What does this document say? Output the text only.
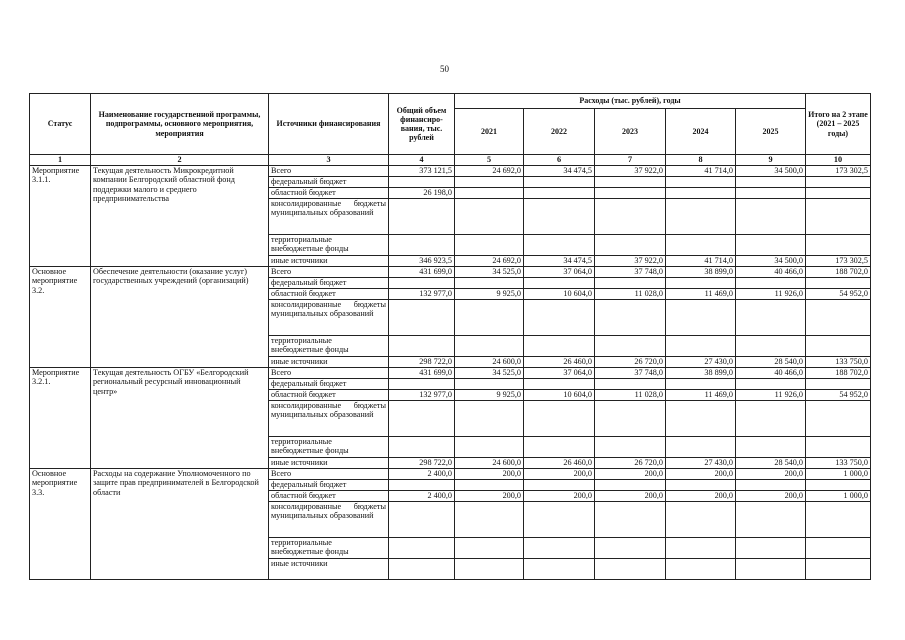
50
Статус	Наименование государственной программы, подпрограммы, основного мероприятия, мероприятия	Источники финансирования	Общий объем финансиро-вания, тыс. рублей	Расходы (тыс. рублей), годы					Итого на 2 этапе (2021 – 2025 годы)
				2021	2022	2023	2024	2025	
1	2	3	4	5	6	7	8	9	10
Мероприятие 3.1.1.	Текущая деятельность Микрокредитной компании Белгородский областной фонд поддержки малого и среднего предпринимательства	Всего	373 121,5	24 692,0	34 474,5	37 922,0	41 714,0	34 500,0	173 302,5
		федеральный бюджет							
		областной бюджет	26 198,0						
		консолидированные бюджеты муниципальных образований							
		территориальные внебюджетные фонды							
		иные источники	346 923,5	24 692,0	34 474,5	37 922,0	41 714,0	34 500,0	173 302,5
Основное мероприятие 3.2.	Обеспечение деятельности (оказание услуг) государственных учреждений (организаций)	Всего	431 699,0	34 525,0	37 064,0	37 748,0	38 899,0	40 466,0	188 702,0
		федеральный бюджет							
		областной бюджет	132 977,0	9 925,0	10 604,0	11 028,0	11 469,0	11 926,0	54 952,0
		консолидированные бюджеты муниципальных образований							
		территориальные внебюджетные фонды							
		иные источники	298 722,0	24 600,0	26 460,0	26 720,0	27 430,0	28 540,0	133 750,0
Мероприятие 3.2.1.	Текущая деятельность ОГБУ «Белгородский региональный ресурсный инновационный центр»	Всего	431 699,0	34 525,0	37 064,0	37 748,0	38 899,0	40 466,0	188 702,0
		федеральный бюджет							
		областной бюджет	132 977,0	9 925,0	10 604,0	11 028,0	11 469,0	11 926,0	54 952,0
		консолидированные бюджеты муниципальных образований							
		территориальные внебюджетные фонды							
		иные источники	298 722,0	24 600,0	26 460,0	26 720,0	27 430,0	28 540,0	133 750,0
Основное мероприятие 3.3.	Расходы на содержание Уполномоченного по защите прав предпринимателей в Белгородской области	Всего	2 400,0	200,0	200,0	200,0	200,0	200,0	1 000,0
		федеральный бюджет							
		областной бюджет	2 400,0	200,0	200,0	200,0	200,0	200,0	1 000,0
		консолидированные бюджеты муниципальных образований							
		территориальные внебюджетные фонды							
		иные источники							
